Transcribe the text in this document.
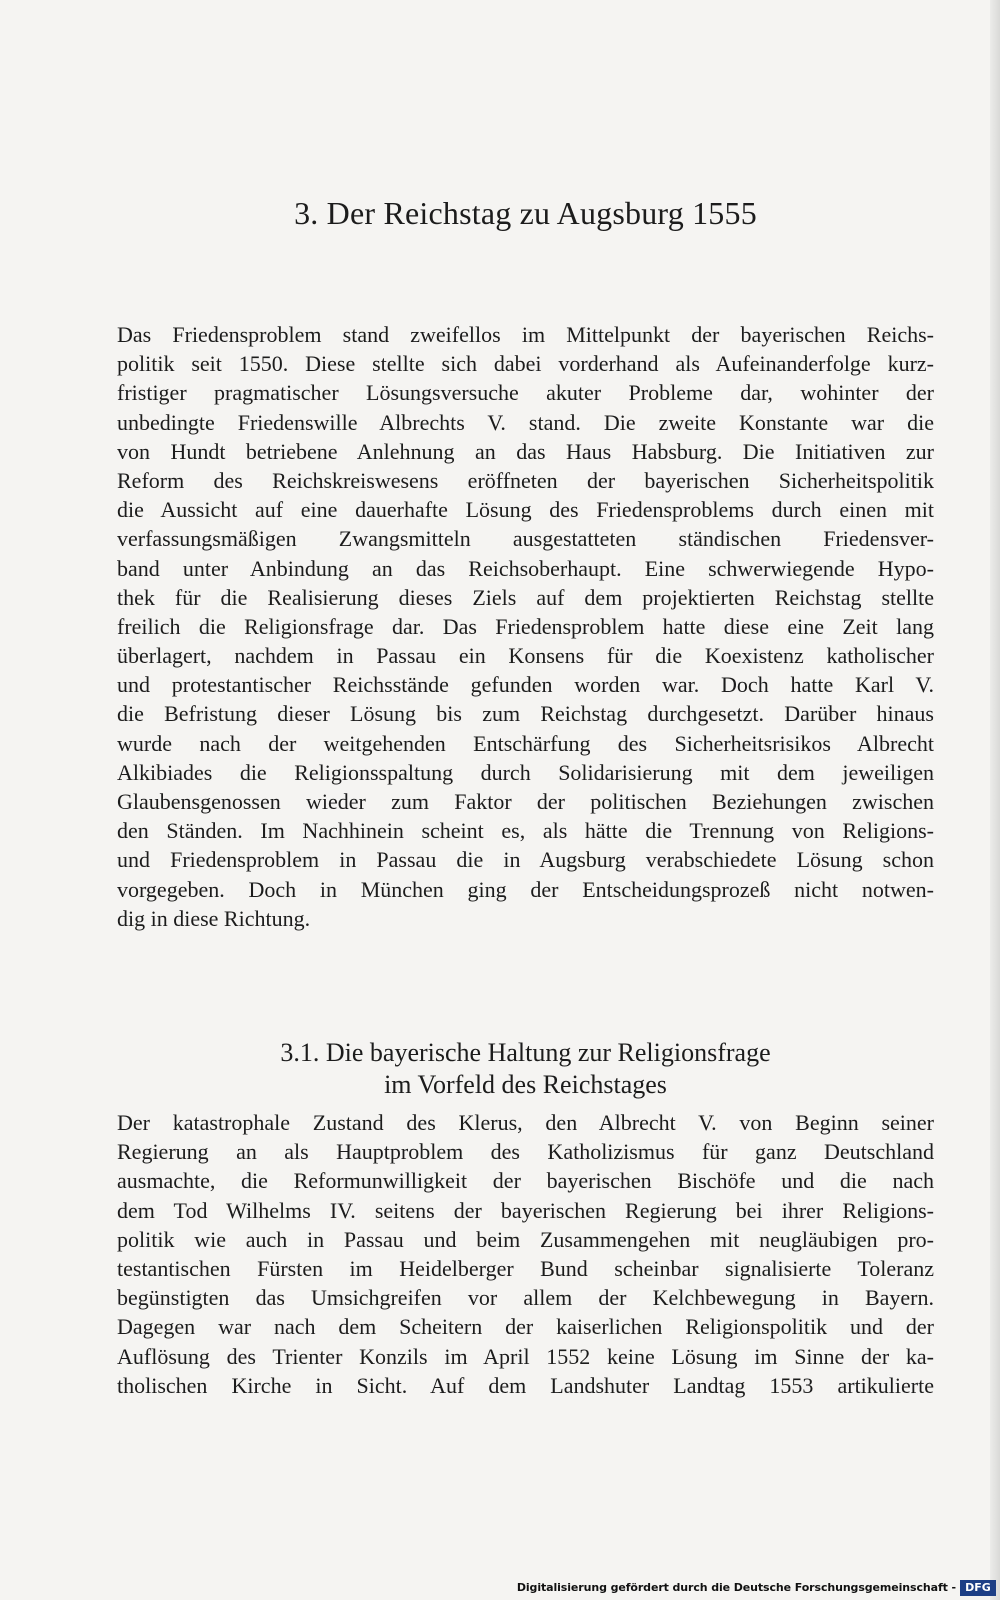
3. Der Reichstag zu Augsburg 1555
Das Friedensproblem stand zweifellos im Mittelpunkt der bayerischen Reichs-
politik seit 1550. Diese stellte sich dabei vorderhand als Aufeinanderfolge kurz-
fristiger pragmatischer Lösungsversuche akuter Probleme dar, wohinter der
unbedingte Friedenswille Albrechts V. stand. Die zweite Konstante war die
von Hundt betriebene Anlehnung an das Haus Habsburg. Die Initiativen zur
Reform des Reichskreiswesens eröffneten der bayerischen Sicherheitspolitik
die Aussicht auf eine dauerhafte Lösung des Friedensproblems durch einen mit
verfassungsmäßigen Zwangsmitteln ausgestatteten ständischen Friedensver-
band unter Anbindung an das Reichsoberhaupt. Eine schwerwiegende Hypo-
thek für die Realisierung dieses Ziels auf dem projektierten Reichstag stellte
freilich die Religionsfrage dar. Das Friedensproblem hatte diese eine Zeit lang
überlagert, nachdem in Passau ein Konsens für die Koexistenz katholischer
und protestantischer Reichsstände gefunden worden war. Doch hatte Karl V.
die Befristung dieser Lösung bis zum Reichstag durchgesetzt. Darüber hinaus
wurde nach der weitgehenden Entschärfung des Sicherheitsrisikos Albrecht
Alkibiades die Religionsspaltung durch Solidarisierung mit dem jeweiligen
Glaubensgenossen wieder zum Faktor der politischen Beziehungen zwischen
den Ständen. Im Nachhinein scheint es, als hätte die Trennung von Religions-
und Friedensproblem in Passau die in Augsburg verabschiedete Lösung schon
vorgegeben. Doch in München ging der Entscheidungsprozeß nicht notwen-
dig in diese Richtung.
3.1. Die bayerische Haltung zur Religionsfrage
im Vorfeld des Reichstages
Der katastrophale Zustand des Klerus, den Albrecht V. von Beginn seiner
Regierung an als Hauptproblem des Katholizismus für ganz Deutschland
ausmachte, die Reformunwilligkeit der bayerischen Bischöfe und die nach
dem Tod Wilhelms IV. seitens der bayerischen Regierung bei ihrer Religions-
politik wie auch in Passau und beim Zusammengehen mit neugläubigen pro-
testantischen Fürsten im Heidelberger Bund scheinbar signalisierte Toleranz
begünstigten das Umsichgreifen vor allem der Kelchbewegung in Bayern.
Dagegen war nach dem Scheitern der kaiserlichen Religionspolitik und der
Auflösung des Trienter Konzils im April 1552 keine Lösung im Sinne der ka-
tholischen Kirche in Sicht. Auf dem Landshuter Landtag 1553 artikulierte
Digitalisierung gefördert durch die Deutsche Forschungsgemeinschaft - DFG
